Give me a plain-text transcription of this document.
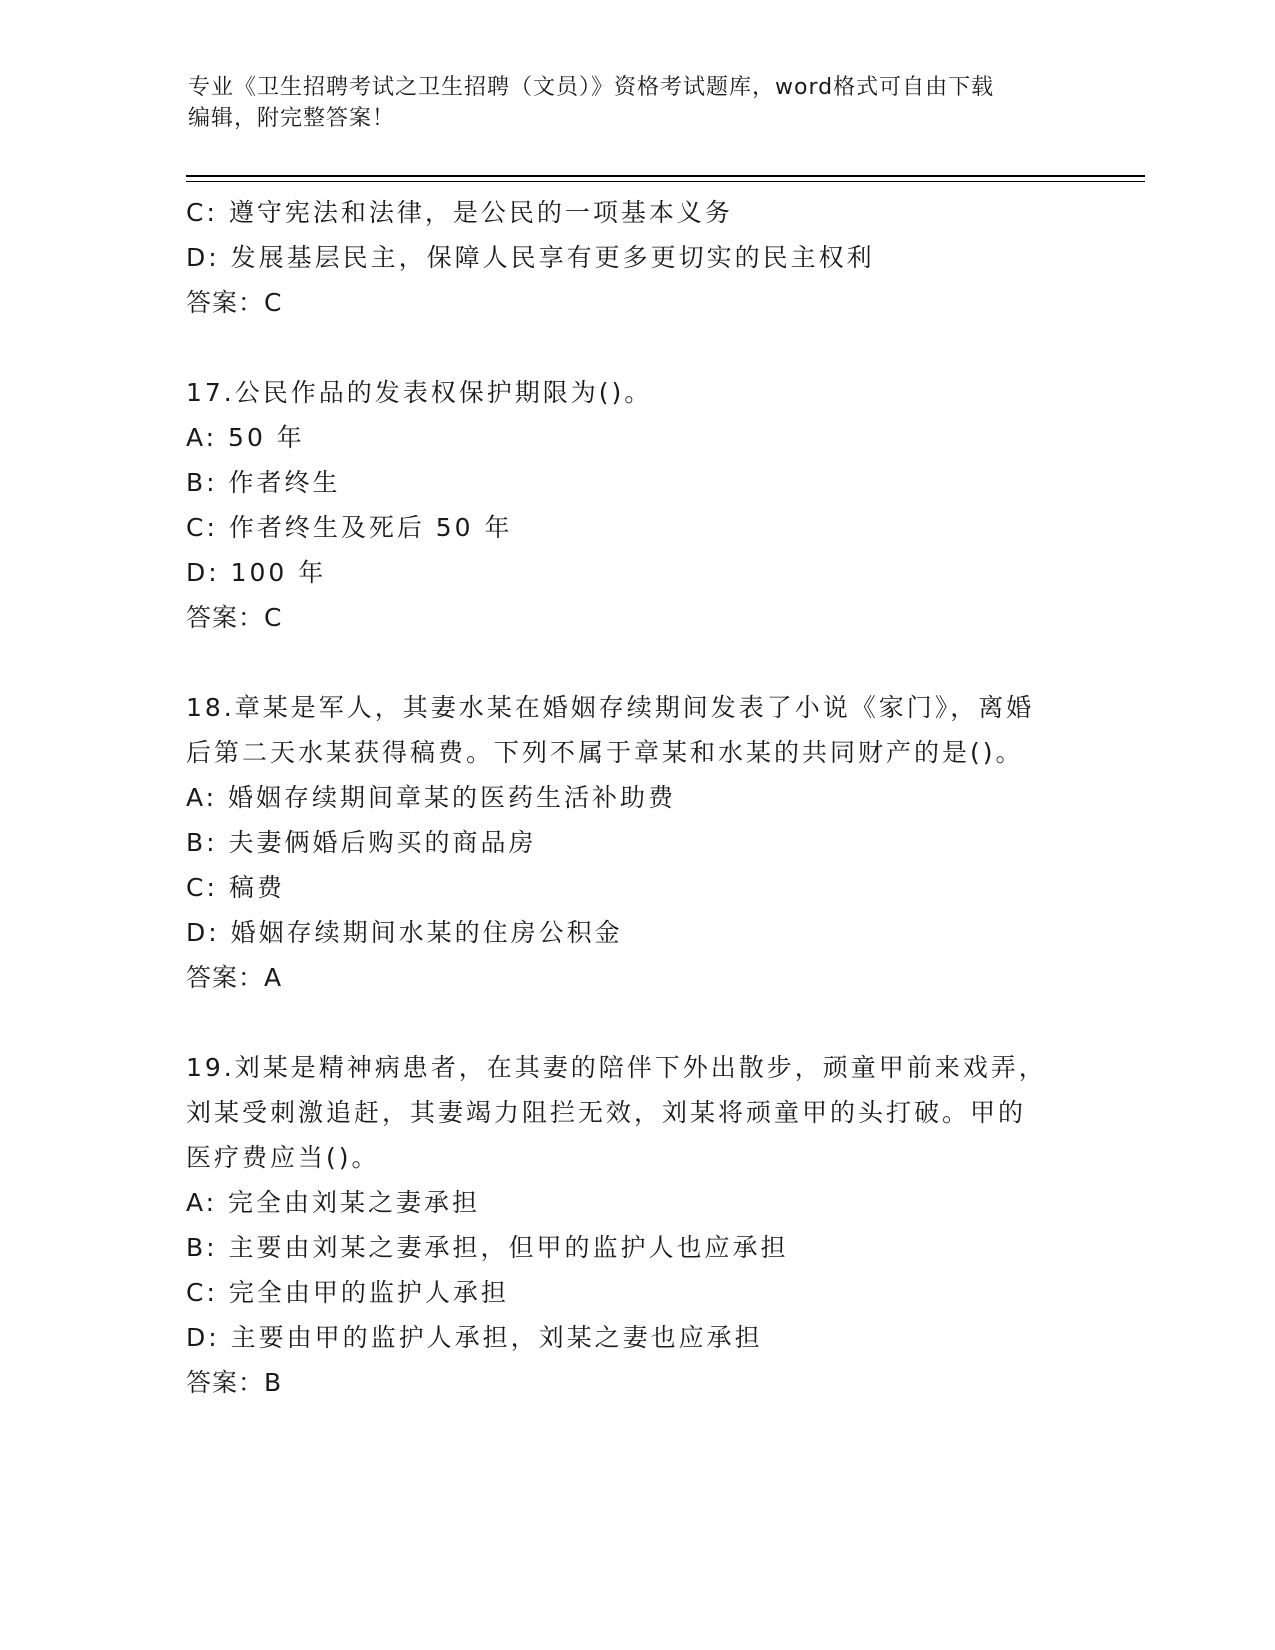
专业《卫生招聘考试之卫生招聘（文员）》资格考试题库，word格式可自由下载
编辑，附完整答案！
C: 遵守宪法和法律，是公民的一项基本义务
D: 发展基层民主，保障人民享有更多更切实的民主权利
答案：C
17.公民作品的发表权保护期限为()。
A: 50 年
B: 作者终生
C: 作者终生及死后 50 年
D: 100 年
答案：C
18.章某是军人，其妻水某在婚姻存续期间发表了小说《家门》，离婚
后第二天水某获得稿费。下列不属于章某和水某的共同财产的是()。
A: 婚姻存续期间章某的医药生活补助费
B: 夫妻俩婚后购买的商品房
C: 稿费
D: 婚姻存续期间水某的住房公积金
答案：A
19.刘某是精神病患者，在其妻的陪伴下外出散步，顽童甲前来戏弄，
刘某受刺激追赶，其妻竭力阻拦无效，刘某将顽童甲的头打破。甲的
医疗费应当()。
A: 完全由刘某之妻承担
B: 主要由刘某之妻承担，但甲的监护人也应承担
C: 完全由甲的监护人承担
D: 主要由甲的监护人承担，刘某之妻也应承担
答案：B
